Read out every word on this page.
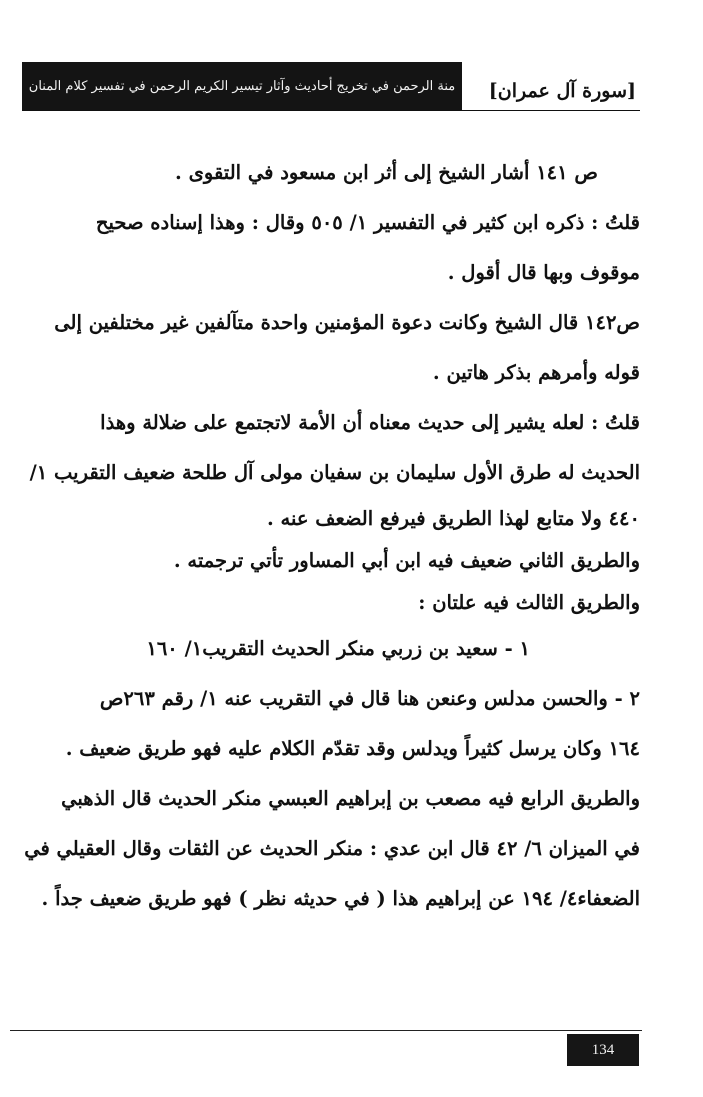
منة الرحمن في تخريج أحاديث وآثار تيسير الكريم الرحمن في تفسير كلام المنان [سورة آل عمران]
ص ١٤١ أشار الشيخ إلى أثر ابن مسعود في التقوى .
قلتُ : ذكره ابن كثير في التفسير ١/ ٥٠٥ وقال : وهذا إسناده صحيح
موقوف وبها قال أقول .
ص١٤٢ قال الشيخ وكانت دعوة المؤمنين واحدة متآلفين غير مختلفين إلى
قوله وأمرهم بذكر هاتين .
قلتُ : لعله يشير إلى حديث معناه أن الأمة لاتجتمع على ضلالة وهذا
الحديث له طرق الأول سليمان بن سفيان مولى آل طلحة ضعيف التقريب ١/
٤٤٠ ولا متابع لهذا الطريق فيرفع الضعف عنه .
والطريق الثاني ضعيف فيه ابن أبي المساور تأتي ترجمته .
والطريق الثالث فيه علتان :
١ - سعيد بن زربي منكر الحديث التقريب١/ ١٦٠
٢ - والحسن مدلس وعنعن هنا قال في التقريب عنه ١/ رقم ٢٦٣ص
١٦٤ وكان يرسل كثيراً ويدلس وقد تقدّم الكلام عليه فهو طريق ضعيف .
والطريق الرابع فيه مصعب بن إبراهيم العبسي منكر الحديث قال الذهبي
في الميزان ٦/ ٤٢ قال ابن عدي : منكر الحديث عن الثقات وقال العقيلي في
الضعفاء٤/ ١٩٤ عن إبراهيم هذا ( في حديثه نظر ) فهو طريق ضعيف جداً .
134
